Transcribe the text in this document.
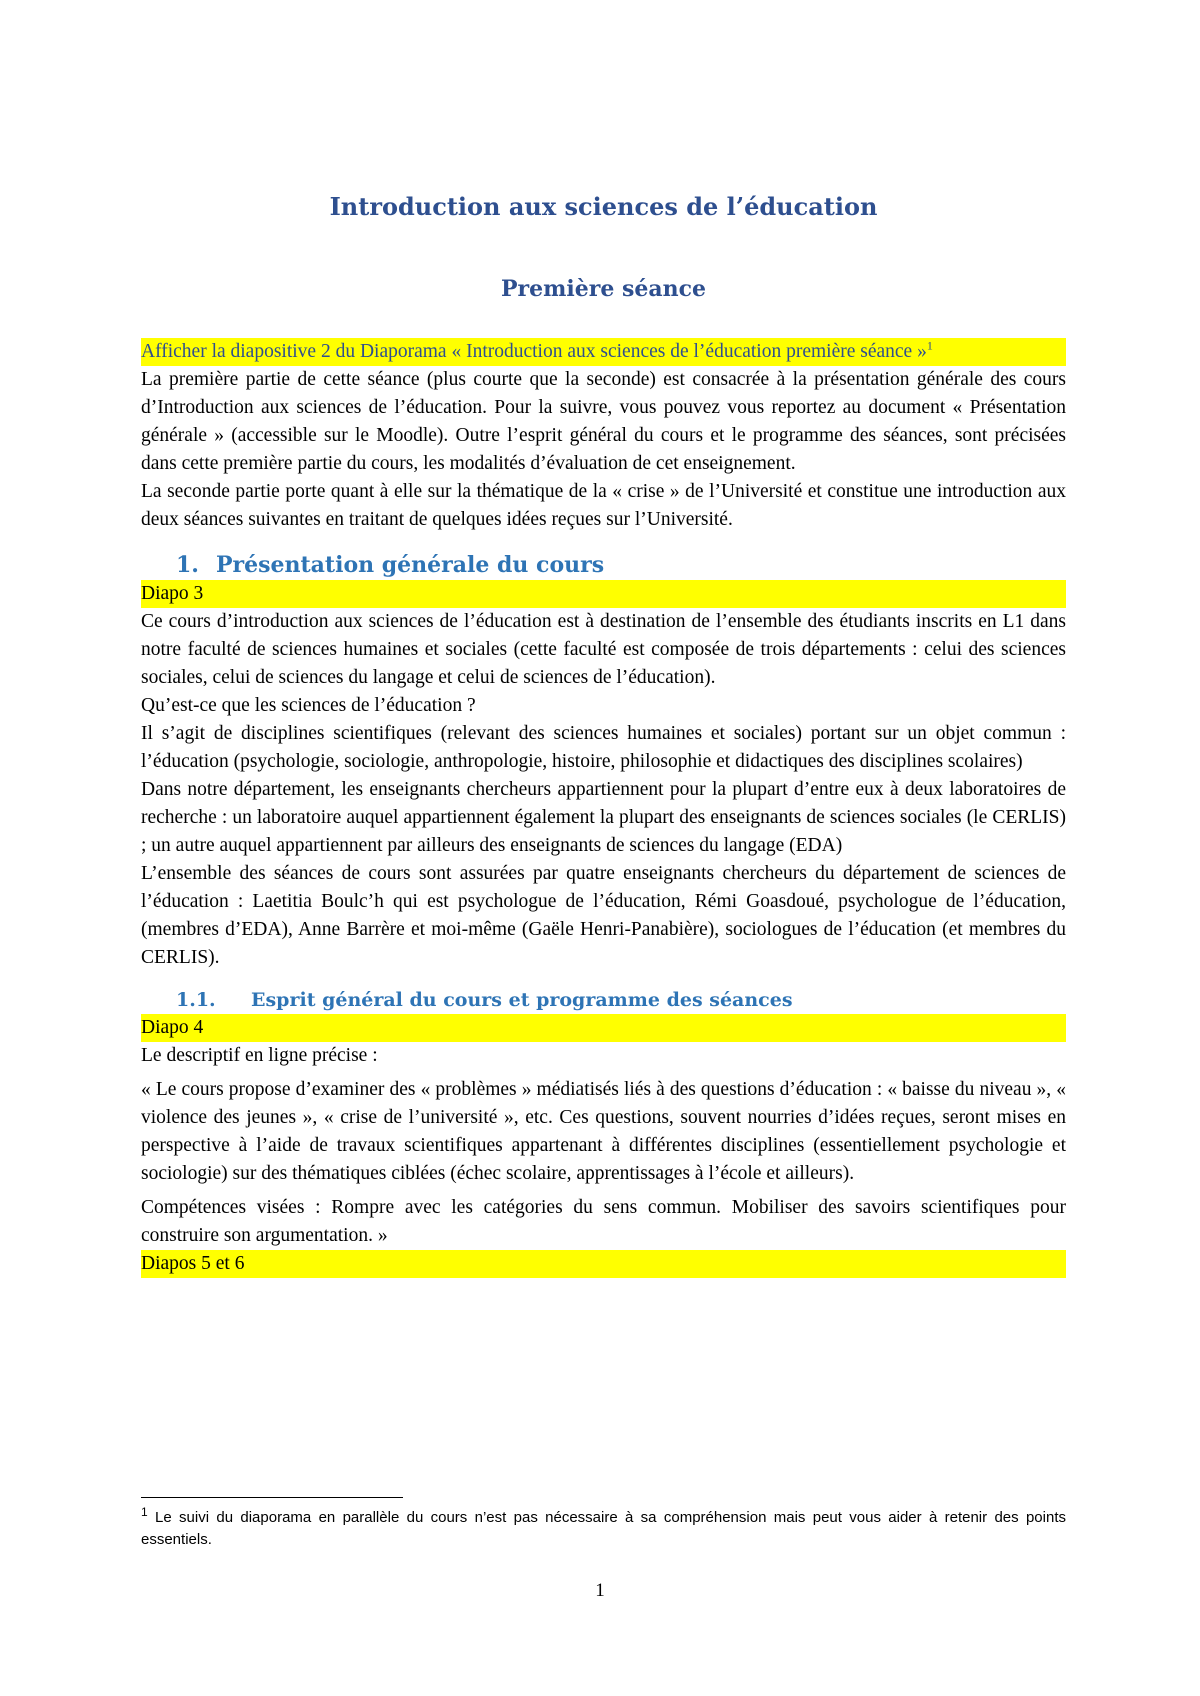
Introduction aux sciences de l’éducation
Première séance

Afficher la diapositive 2 du Diaporama « Introduction aux sciences de l’éducation première séance »$^1$

La première partie de cette séance (plus courte que la seconde) est consacrée à la présentation générale des cours d’Introduction aux sciences de l’éducation. Pour la suivre, vous pouvez vous reportez au document « Présentation générale » (accessible sur le Moodle). Outre l’esprit général du cours et le programme des séances, sont précisées dans cette première partie du cours, les modalités d’évaluation de cet enseignement.

La seconde partie porte quant à elle sur la thématique de la « crise » de l’Université et constitue une introduction aux deux séances suivantes en traitant de quelques idées reçues sur l’Université.

1. Présentation générale du cours

Diapo 3

Ce cours d’introduction aux sciences de l’éducation est à destination de l’ensemble des étudiants inscrits en L1 dans notre faculté de sciences humaines et sociales (cette faculté est composée de trois départements : celui des sciences sociales, celui de sciences du langage et celui de sciences de l’éducation).

Qu’est-ce que les sciences de l’éducation ?

Il s’agit de disciplines scientifiques (relevant des sciences humaines et sociales) portant sur un objet commun : l’éducation (psychologie, sociologie, anthropologie, histoire, philosophie et didactiques des disciplines scolaires)

Dans notre département, les enseignants chercheurs appartiennent pour la plupart d’entre eux à deux laboratoires de recherche : un laboratoire auquel appartiennent également la plupart des enseignants de sciences sociales (le CERLIS) ; un autre auquel appartiennent par ailleurs des enseignants de sciences du langage (EDA)

L’ensemble des séances de cours sont assurées par quatre enseignants chercheurs du département de sciences de l’éducation : Laetitia Boulc’h qui est psychologue de l’éducation, Rémi Goasdoué, psychologue de l’éducation, (membres d’EDA), Anne Barrère et moi-même (Gaële Henri-Panabière), sociologues de l’éducation (et membres du CERLIS).

1.1. Esprit général du cours et programme des séances

Diapo 4

Le descriptif en ligne précise :

« Le cours propose d’examiner des « problèmes » médiatisés liés à des questions d’éducation : « baisse du niveau », « violence des jeunes », « crise de l’université », etc. Ces questions, souvent nourries d’idées reçues, seront mises en perspective à l’aide de travaux scientifiques appartenant à différentes disciplines (essentiellement psychologie et sociologie) sur des thématiques ciblées (échec scolaire, apprentissages à l’école et ailleurs).

Compétences visées : Rompre avec les catégories du sens commun. Mobiliser des savoirs scientifiques pour construire son argumentation. »

Diapos 5 et 6

$^1$ Le suivi du diaporama en parallèle du cours n’est pas nécessaire à sa compréhension mais peut vous aider à retenir des points essentiels.
1
